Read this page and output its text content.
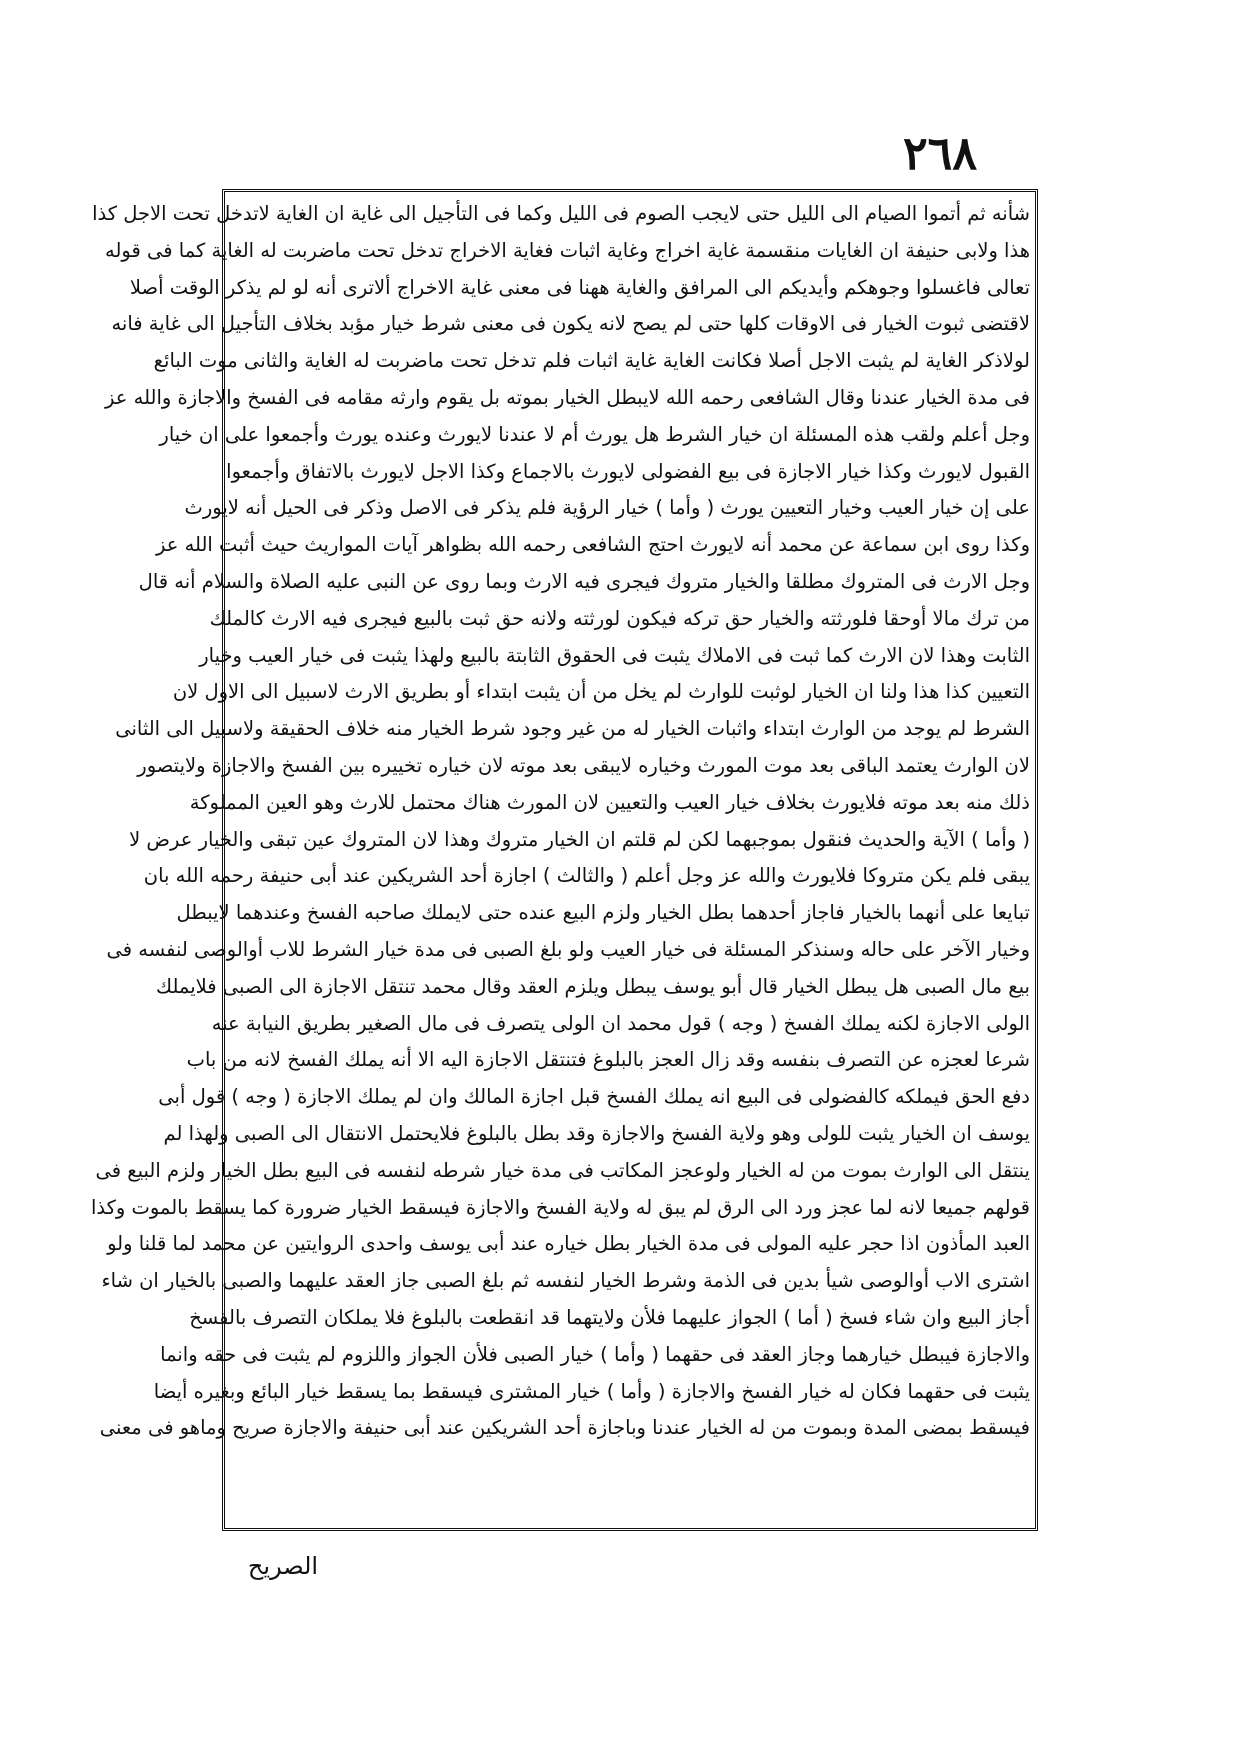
٢٦٨
شأنه ثم أتموا الصيام الى الليل حتى لايجب الصوم فى الليل وكما فى التأجيل الى غاية ان الغاية لاتدخل تحت الاجل كذا
هذا ولابى حنيفة ان الغايات منقسمة غاية اخراج وغاية اثبات فغاية الاخراج تدخل تحت ماضربت له الغاية كما فى قوله
تعالى فاغسلوا وجوهكم وأيديكم الى المرافق والغاية ههنا فى معنى غاية الاخراج ألاترى أنه لو لم يذكر الوقت أصلا
لاقتضى ثبوت الخيار فى الاوقات كلها حتى لم يصح لانه يكون فى معنى شرط خيار مؤبد بخلاف التأجيل الى غاية فانه
لولاذكر الغاية لم يثبت الاجل أصلا فكانت الغاية غاية اثبات فلم تدخل تحت ماضربت له الغاية والثانى موت البائع
فى مدة الخيار عندنا وقال الشافعى رحمه الله لايبطل الخيار بموته بل يقوم وارثه مقامه فى الفسخ والاجازة والله عز
وجل أعلم ولقب هذه المسئلة ان خيار الشرط هل يورث أم لا عندنا لايورث وعنده يورث وأجمعوا على ان خيار
القبول لايورث وكذا خيار الاجازة فى بيع الفضولى لايورث بالاجماع وكذا الاجل لايورث بالاتفاق وأجمعوا
على إن خيار العيب وخيار التعيين يورث ( وأما ) خيار الرؤية فلم يذكر فى الاصل وذكر فى الحيل أنه لايورث
وكذا روى ابن سماعة عن محمد أنه لايورث احتج الشافعى رحمه الله بظواهر آيات المواريث حيث أثبت الله عز
وجل الارث فى المتروك مطلقا والخيار متروك فيجرى فيه الارث وبما روى عن النبى عليه الصلاة والسلام أنه قال
من ترك مالا أوحقا فلورثته والخيار حق تركه فيكون لورثته ولانه حق ثبت بالبيع فيجرى فيه الارث كالملك
الثابت وهذا لان الارث كما ثبت فى الاملاك يثبت فى الحقوق الثابتة بالبيع ولهذا يثبت فى خيار العيب وخيار
التعيين كذا هذا ولنا ان الخيار لوثبت للوارث لم يخل من أن يثبت ابتداء أو بطريق الارث لاسبيل الى الاول لان
الشرط لم يوجد من الوارث ابتداء واثبات الخيار له من غير وجود شرط الخيار منه خلاف الحقيقة ولاسبيل الى الثانى
لان الوارث يعتمد الباقى بعد موت المورث وخياره لايبقى بعد موته لان خياره تخييره بين الفسخ والاجازة ولايتصور
ذلك منه بعد موته فلايورث بخلاف خيار العيب والتعيين لان المورث هناك محتمل للارث وهو العين المملوكة
( وأما ) الآية والحديث فنقول بموجبهما لكن لم قلتم ان الخيار متروك وهذا لان المتروك عين تبقى والخيار عرض لا
يبقى فلم يكن متروكا فلايورث والله عز وجل أعلم ( والثالث ) اجازة أحد الشريكين عند أبى حنيفة رحمه الله بان
تبايعا على أنهما بالخيار فاجاز أحدهما بطل الخيار ولزم البيع عنده حتى لايملك صاحبه الفسخ وعندهما لايبطل
وخيار الآخر على حاله وسنذكر المسئلة فى خيار العيب ولو بلغ الصبى فى مدة خيار الشرط للاب أوالوصى لنفسه فى
بيع مال الصبى هل يبطل الخيار قال أبو يوسف يبطل ويلزم العقد وقال محمد تنتقل الاجازة الى الصبى فلايملك
الولى الاجازة لكنه يملك الفسخ ( وجه ) قول محمد ان الولى يتصرف فى مال الصغير بطريق النيابة عنه
شرعا لعجزه عن التصرف بنفسه وقد زال العجز بالبلوغ فتنتقل الاجازة اليه الا أنه يملك الفسخ لانه من باب
دفع الحق فيملكه كالفضولى فى البيع انه يملك الفسخ قبل اجازة المالك وان لم يملك الاجازة ( وجه ) قول أبى
يوسف ان الخيار يثبت للولى وهو ولاية الفسخ والاجازة وقد بطل بالبلوغ فلايحتمل الانتقال الى الصبى ولهذا لم
ينتقل الى الوارث بموت من له الخيار ولوعجز المكاتب فى مدة خيار شرطه لنفسه فى البيع بطل الخيار ولزم البيع فى
قولهم جميعا لانه لما عجز ورد الى الرق لم يبق له ولاية الفسخ والاجازة فيسقط الخيار ضرورة كما يسقط بالموت وكذا
العبد المأذون اذا حجر عليه المولى فى مدة الخيار بطل خياره عند أبى يوسف واحدى الروايتين عن محمد لما قلنا ولو
اشترى الاب أوالوصى شيأ بدين فى الذمة وشرط الخيار لنفسه ثم بلغ الصبى جاز العقد عليهما والصبى بالخيار ان شاء
أجاز البيع وان شاء فسخ ( أما ) الجواز عليهما فلأن ولايتهما قد انقطعت بالبلوغ فلا يملكان التصرف بالفسخ
والاجازة فيبطل خيارهما وجاز العقد فى حقهما ( وأما ) خيار الصبى فلأن الجواز واللزوم لم يثبت فى حقه وانما
يثبت فى حقهما فكان له خيار الفسخ والاجازة ( وأما ) خيار المشترى فيسقط بما يسقط خيار البائع وبغيره أيضا
فيسقط بمضى المدة وبموت من له الخيار عندنا وباجازة أحد الشريكين عند أبى حنيفة والاجازة صريح وماهو فى معنى
الصريح
